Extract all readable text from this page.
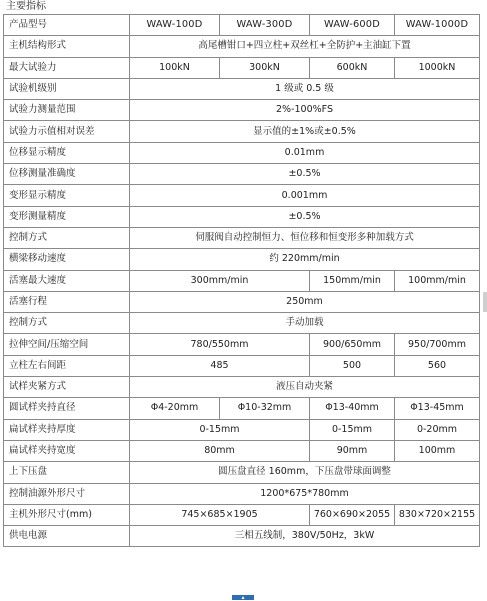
主要指标
产品型号	WAW-100D	WAW-300D	WAW-600D	WAW-1000D
主机结构形式	高尾槽钳口+四立柱+双丝杠+全防护+主油缸下置			
最大试验力	100kN	300kN	600kN	1000kN
试验机级别	1 级或 0.5 级			
试验力测量范围	2%-100%FS			
试验力示值相对误差	显示值的±1%或±0.5%			
位移显示精度	0.01mm			
位移测量准确度	±0.5%			
变形显示精度	0.001mm			
变形测量精度	±0.5%			
控制方式	伺服阀自动控制恒力、恒位移和恒变形多种加载方式			
横梁移动速度	约 220mm/min			
活塞最大速度	300mm/min		150mm/min	100mm/min
活塞行程	250mm			
控制方式	手动加载			
拉伸空间/压缩空间	780/550mm		900/650mm	950/700mm
立柱左右间距	485		500	560
试样夹紧方式	液压自动夹紧			
圆试样夹持直径	Φ4-20mm	Φ10-32mm	Φ13-40mm	Φ13-45mm
扁试样夹持厚度	0-15mm		0-15mm	0-20mm
扁试样夹持宽度	80mm		90mm	100mm
上下压盘	圆压盘直径 160mm，下压盘带球面调整			
控制油源外形尺寸	1200*675*780mm			
主机外形尺寸(mm)	745×685×1905		760×690×2055	830×720×2155
供电电源	三相五线制，380V/50Hz，3kW			
▴
